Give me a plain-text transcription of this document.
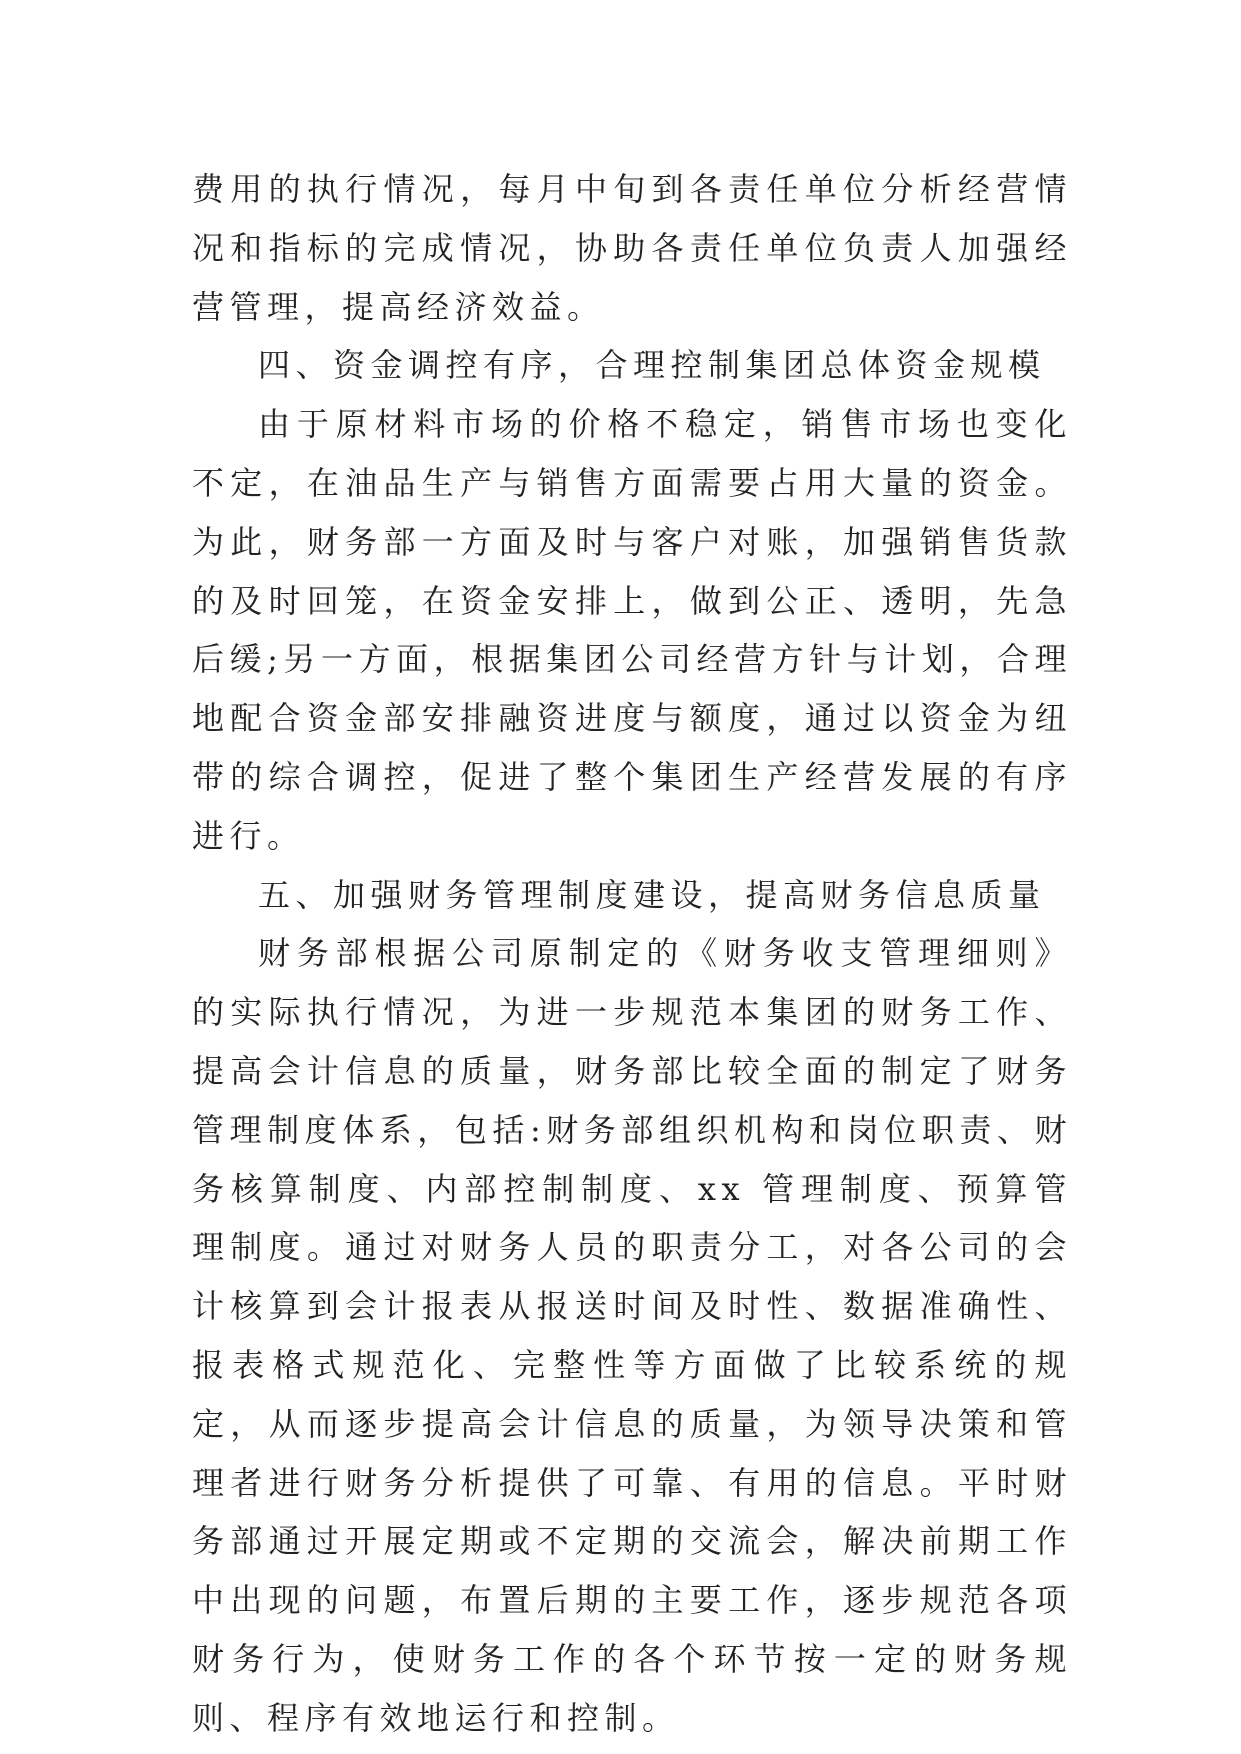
费用的执行情况，每月中旬到各责任单位分析经营情况和指标的完成情况，协助各责任单位负责人加强经营管理，提高经济效益。

四、资金调控有序，合理控制集团总体资金规模

由于原材料市场的价格不稳定，销售市场也变化不定，在油品生产与销售方面需要占用大量的资金。为此，财务部一方面及时与客户对账，加强销售货款的及时回笼，在资金安排上，做到公正、透明，先急后缓;另一方面，根据集团公司经营方针与计划，合理地配合资金部安排融资进度与额度，通过以资金为纽带的综合调控，促进了整个集团生产经营发展的有序进行。

五、加强财务管理制度建设，提高财务信息质量

财务部根据公司原制定的《财务收支管理细则》的实际执行情况，为进一步规范本集团的财务工作、提高会计信息的质量，财务部比较全面的制定了财务管理制度体系，包括:财务部组织机构和岗位职责、财务核算制度、内部控制制度、xx 管理制度、预算管理制度。通过对财务人员的职责分工，对各公司的会计核算到会计报表从报送时间及时性、数据准确性、报表格式规范化、完整性等方面做了比较系统的规定，从而逐步提高会计信息的质量，为领导决策和管理者进行财务分析提供了可靠、有用的信息。平时财务部通过开展定期或不定期的交流会，解决前期工作中出现的问题，布置后期的主要工作，逐步规范各项财务行为，使财务工作的各个环节按一定的财务规则、程序有效地运行和控制。
